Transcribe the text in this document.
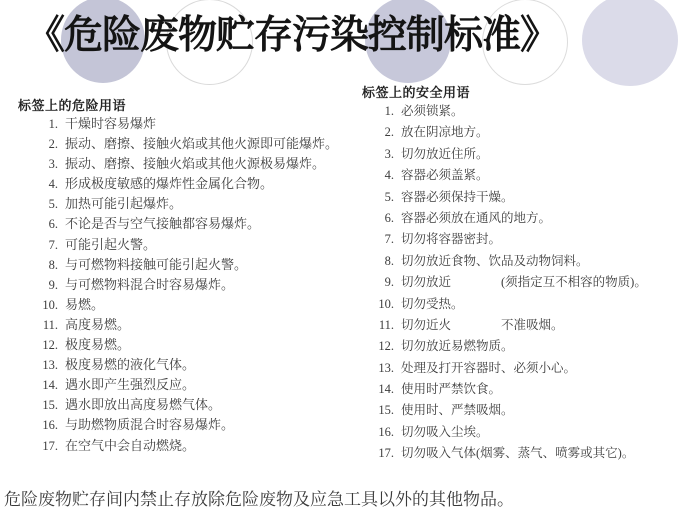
《危险废物贮存污染控制标准》
标签上的危险用语
1. 干燥时容易爆炸
2. 振动、磨擦、接触火焰或其他火源即可能爆炸。
3. 振动、磨擦、接触火焰或其他火源极易爆炸。
4. 形成极度敏感的爆炸性金属化合物。
5. 加热可能引起爆炸。
6. 不论是否与空气接触都容易爆炸。
7. 可能引起火警。
8. 与可燃物料接触可能引起火警。
9. 与可燃物料混合时容易爆炸。
10. 易燃。
11. 高度易燃。
12. 极度易燃。
13. 极度易燃的液化气体。
14. 遇水即产生强烈反应。
15. 遇水即放出高度易燃气体。
16. 与助燃物质混合时容易爆炸。
17. 在空气中会自动燃烧。
标签上的安全用语
1. 必须锁紧。
2. 放在阴凉地方。
3. 切勿放近住所。
4. 容器必须盖紧。
5. 容器必须保持干燥。
6. 容器必须放在通风的地方。
7. 切勿将容器密封。
8. 切勿放近食物、饮品及动物饲料。
9. 切勿放近　　　　(须指定互不相容的物质)。
10. 切勿受热。
11. 切勿近火　　　　不准吸烟。
12. 切勿放近易燃物质。
13. 处理及打开容器时、必须小心。
14. 使用时严禁饮食。
15. 使用时、严禁吸烟。
16. 切勿吸入尘埃。
17. 切勿吸入气体(烟雾、蒸气、喷雾或其它)。
危险废物贮存间内禁止存放除危险废物及应急工具以外的其他物品。
